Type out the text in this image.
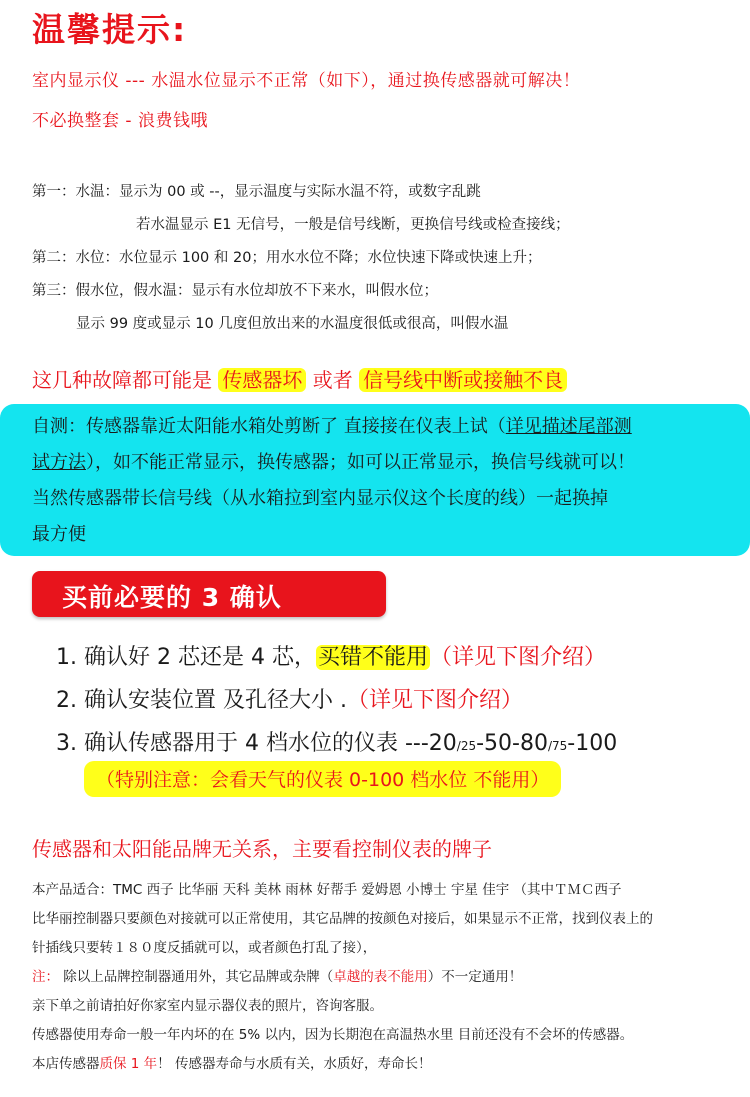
温馨提示:
室内显示仪 --- 水温水位显示不正常（如下），通过换传感器就可解决！
不必换整套 - 浪费钱哦
第一：水温：显示为 00 或 --，显示温度与实际水温不符，或数字乱跳
若水温显示 E1 无信号，一般是信号线断，更换信号线或检查接线；
第二：水位：水位显示 100 和 20；用水水位不降；水位快速下降或快速上升；
第三：假水位，假水温：显示有水位却放不下来水，叫假水位；
显示 99 度或显示 10 几度但放出来的水温度很低或很高，叫假水温
这几种故障都可能是 传感器坏 或者 信号线中断或接触不良

自测：传感器靠近太阳能水箱处剪断了 直接接在仪表上试（详见描述尾部测

试方法），如不能正常显示，换传感器；如可以正常显示，换信号线就可以！

当然传感器带长信号线（从水箱拉到室内显示仪这个长度的线）一起换掉

最方便

买前必要的 3 确认
1. 确认好 2 芯还是 4 芯，买错不能用（详见下图介绍）
2. 确认安装位置 及孔径大小 .（详见下图介绍）
3. 确认传感器用于 4 档水位的仪表 ---20/25-50-80/75-100
（特别注意：会看天气的仪表 0-100 档水位 不能用）
传感器和太阳能品牌无关系，主要看控制仪表的牌子
本产品适合：TMC 西子 比华丽 天科 美林 雨林 好帮手 爱姆恩 小博士 宇星 佳宇 （其中ＴＭＣ西子
比华丽控制器只要颜色对接就可以正常使用，其它品牌的按颜色对接后，如果显示不正常，找到仪表上的
针插线只要转１８０度反插就可以，或者颜色打乱了接），
注： 除以上品牌控制器通用外，其它品牌或杂牌（卓越的表不能用）不一定通用！
亲下单之前请拍好你家室内显示器仪表的照片，咨询客服。
传感器使用寿命一般一年内坏的在 5% 以内，因为长期泡在高温热水里 目前还没有不会坏的传感器。
本店传感器质保 1 年！ 传感器寿命与水质有关，水质好，寿命长！
